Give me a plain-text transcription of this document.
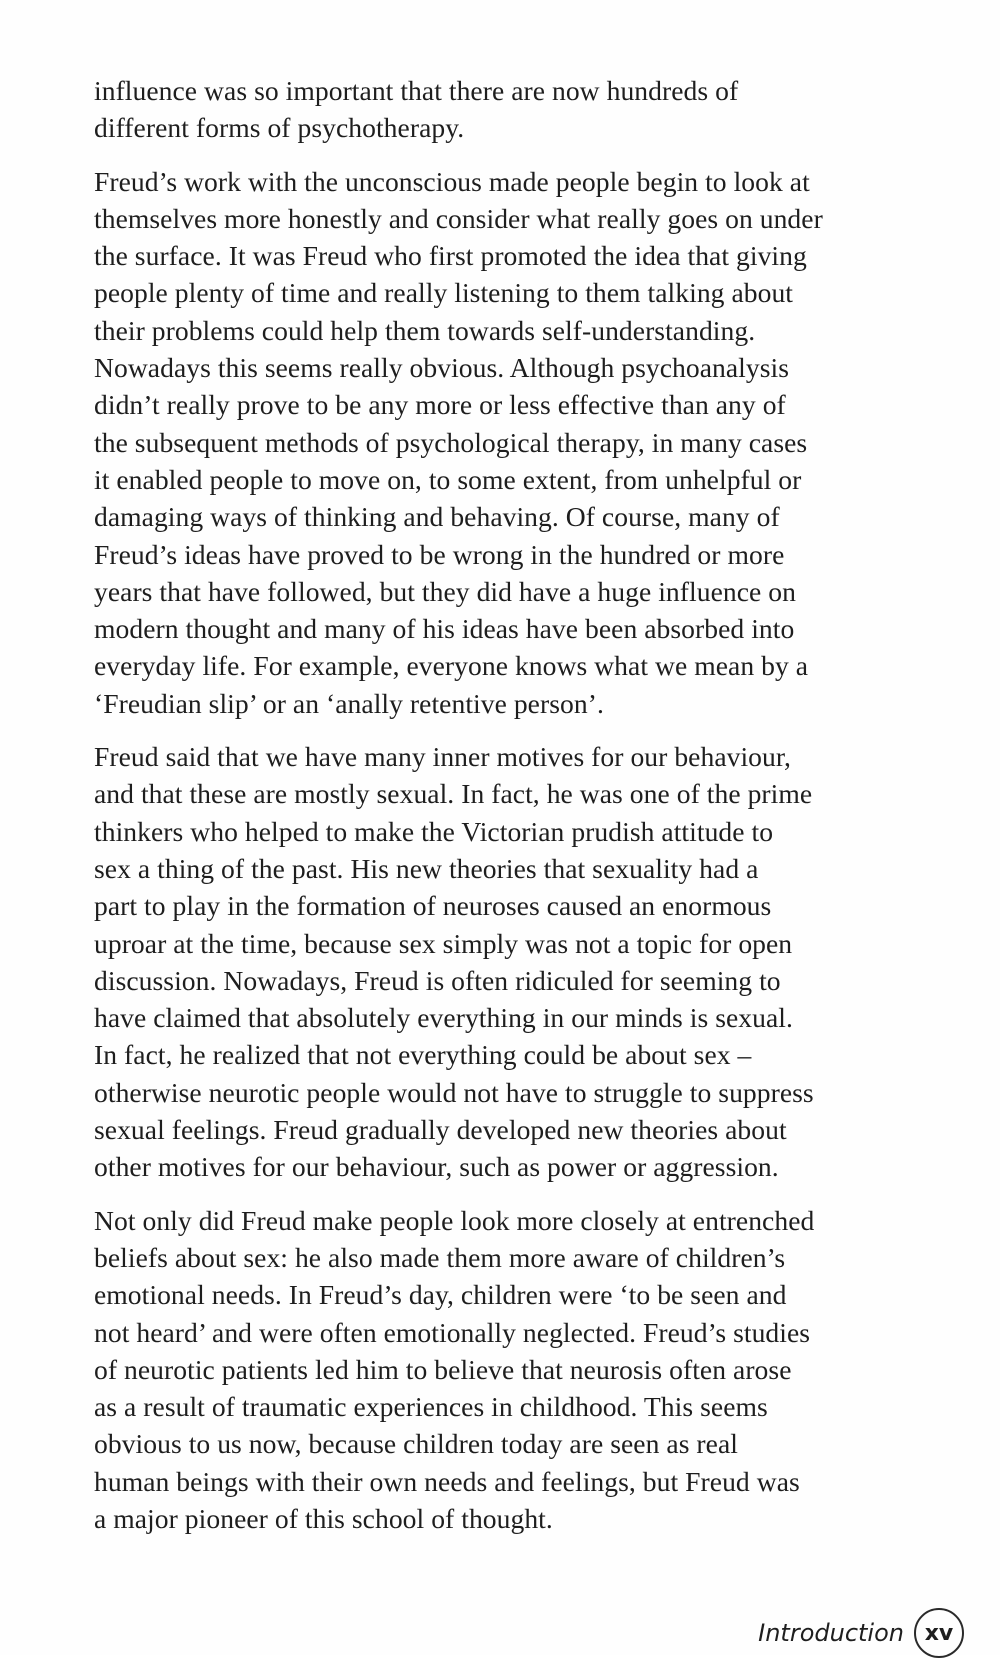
influence was so important that there are now hundreds of
different forms of psychotherapy.

Freud’s work with the unconscious made people begin to look at
themselves more honestly and consider what really goes on under
the surface. It was Freud who first promoted the idea that giving
people plenty of time and really listening to them talking about
their problems could help them towards self-understanding.
Nowadays this seems really obvious. Although psychoanalysis
didn’t really prove to be any more or less effective than any of
the subsequent methods of psychological therapy, in many cases
it enabled people to move on, to some extent, from unhelpful or
damaging ways of thinking and behaving. Of course, many of
Freud’s ideas have proved to be wrong in the hundred or more
years that have followed, but they did have a huge influence on
modern thought and many of his ideas have been absorbed into
everyday life. For example, everyone knows what we mean by a
‘Freudian slip’ or an ‘anally retentive person’.

Freud said that we have many inner motives for our behaviour,
and that these are mostly sexual. In fact, he was one of the prime
thinkers who helped to make the Victorian prudish attitude to
sex a thing of the past. His new theories that sexuality had a
part to play in the formation of neuroses caused an enormous
uproar at the time, because sex simply was not a topic for open
discussion. Nowadays, Freud is often ridiculed for seeming to
have claimed that absolutely everything in our minds is sexual.
In fact, he realized that not everything could be about sex –
otherwise neurotic people would not have to struggle to suppress
sexual feelings. Freud gradually developed new theories about
other motives for our behaviour, such as power or aggression.

Not only did Freud make people look more closely at entrenched
beliefs about sex: he also made them more aware of children’s
emotional needs. In Freud’s day, children were ‘to be seen and
not heard’ and were often emotionally neglected. Freud’s studies
of neurotic patients led him to believe that neurosis often arose
as a result of traumatic experiences in childhood. This seems
obvious to us now, because children today are seen as real
human beings with their own needs and feelings, but Freud was
a major pioneer of this school of thought.

Introduction xv
